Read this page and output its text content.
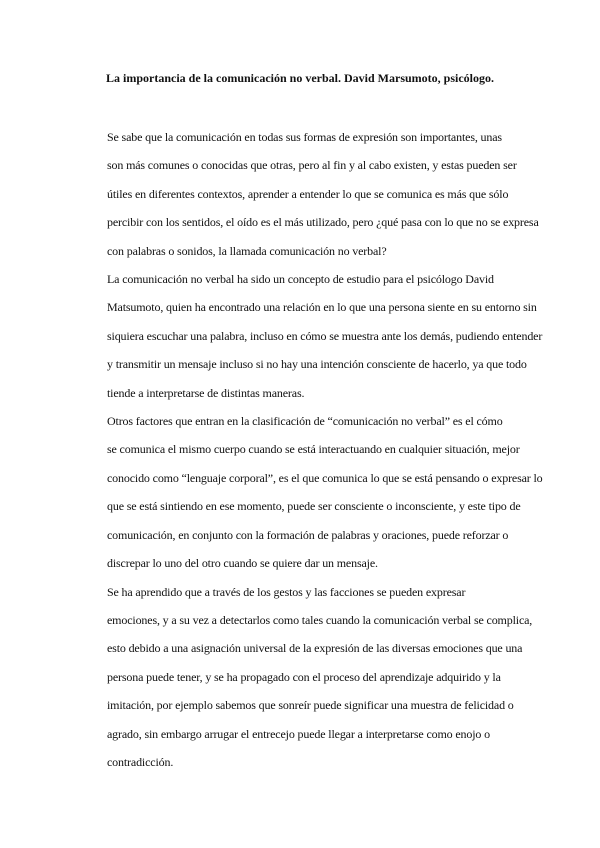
La importancia de la comunicación no verbal. David Marsumoto, psicólogo.

Se sabe que la comunicación en todas sus formas de expresión son importantes, unas
son más comunes o conocidas que otras, pero al fin y al cabo existen, y estas pueden ser
útiles en diferentes contextos, aprender a entender lo que se comunica es más que sólo
percibir con los sentidos, el oído es el más utilizado, pero ¿qué pasa con lo que no se expresa
con palabras o sonidos, la llamada comunicación no verbal?

La comunicación no verbal ha sido un concepto de estudio para el psicólogo David
Matsumoto, quien ha encontrado una relación en lo que una persona siente en su entorno sin
siquiera escuchar una palabra, incluso en cómo se muestra ante los demás, pudiendo entender
y transmitir un mensaje incluso si no hay una intención consciente de hacerlo, ya que todo
tiende a interpretarse de distintas maneras.

Otros factores que entran en la clasificación de “comunicación no verbal” es el cómo
se comunica el mismo cuerpo cuando se está interactuando en cualquier situación, mejor
conocido como “lenguaje corporal”, es el que comunica lo que se está pensando o expresar lo
que se está sintiendo en ese momento, puede ser consciente o inconsciente, y este tipo de
comunicación, en conjunto con la formación de palabras y oraciones, puede reforzar o
discrepar lo uno del otro cuando se quiere dar un mensaje.

Se ha aprendido que a través de los gestos y las facciones se pueden expresar
emociones, y a su vez a detectarlos como tales cuando la comunicación verbal se complica,
esto debido a una asignación universal de la expresión de las diversas emociones que una
persona puede tener, y se ha propagado con el proceso del aprendizaje adquirido y la
imitación, por ejemplo sabemos que sonreír puede significar una muestra de felicidad o
agrado, sin embargo arrugar el entrecejo puede llegar a interpretarse como enojo o
contradicción.
